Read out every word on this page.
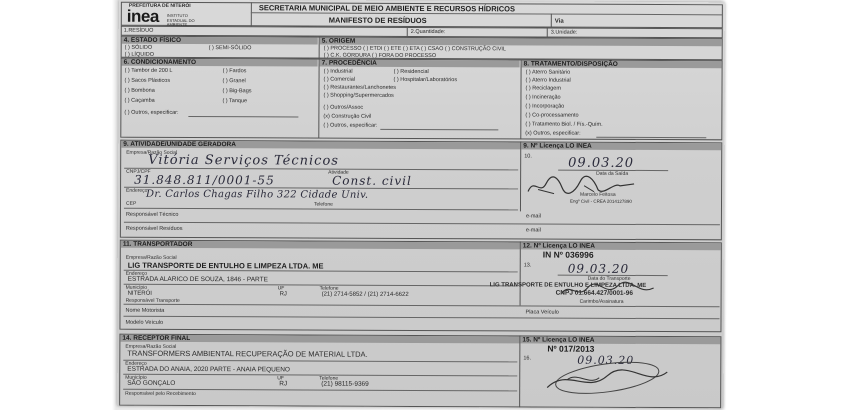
PREFEITURA DE NITERÓI
inea INSTITUTO ESTADUAL DO AMBIENTE
SECRETARIA MUNICIPAL DE MEIO AMBIENTE E RECURSOS HÍDRICOS
MANIFESTO DE RESÍDUOS	Via
1.RESÍDUO	2.Quantidade:	3.Unidade:
4. ESTADO FÍSICO
( ) SÓLIDO	( ) SEMI-SÓLIDO
( ) LÍQUIDO
5. ORIGEM
( ) PROCESSO ( ) ETDI ( ) ETE ( ) ETA ( ) CSAO ( ) CONSTRUÇÃO CIVIL
( ) C.K. GORDURA ( ) FORA DO PROCESSO
6. CONDICIONAMENTO
( ) Tambor de 200 L	( ) Fardos
( ) Sacos Plásticos	( ) Granel
( ) Bombona	( ) Big-Bags
( ) Caçamba	( ) Tanque
( ) Outros, especificar:
7. PROCEDÊNCIA
( ) Industrial	( ) Residencial
( ) Comercial	( ) Hospitalar/Laboratórios
( ) Restaurantes/Lanchonetes
( ) Shopping/Supermercados
( ) Outros/Assoc
(x) Construção Civil
( ) Outros, especificar:
8. TRATAMENTO/DISPOSIÇÃO
( ) Aterro Sanitário
( ) Aterro Industrial
( ) Reciclagem
( ) Incineração
( ) Incorporação
( ) Co-processamento
( ) Tratamento Biol. / Fís.-Quím.
(x) Outros, especificar:
9. ATIVIDADE/UNIDADE GERADORA
Empresa/Razão Social
Vitória Serviços Técnicos
CNPJ/CPF	Atividade
31.848.811/0001-55	Const. civil
Endereço
Dr. Carlos Chagas Filho 322 Cidade Univ.
CEP	Telefone
Responsável Técnico	e-mail
Responsável Resíduos	e-mail
9. Nº Licença LO INEA
10.	09.03.20
Data da Saída
Marcelo Feitosa
Engº Civil - CREA 2014127890
11. TRANSPORTADOR
Empresa/Razão Social
LIG TRANSPORTE DE ENTULHO E LIMPEZA LTDA. ME
Endereço
ESTRADA ALARICO DE SOUZA, 1846 - PARTE
Município
NITERÓI
UF
RJ
Telefone
(21) 2714-5852 / (21) 2714-6622
Responsável Transporte
Nome Motorista	Placa Veículo
Modelo Veículo
12. Nº Licença LO INEA
IN Nº 036996
13.	09.03.20
Data do Transporte
LIG TRANSPORTE DE ENTULHO E LIMPEZA LTDA. ME
CNPJ 01.664.427/0001-96
Carimbo/Assinatura
14. RECEPTOR FINAL
Empresa/Razão Social
TRANSFORMERS AMBIENTAL RECUPERAÇÃO DE MATERIAL LTDA.
Endereço
ESTRADA DO ANAIA, 2020 PARTE - ANAIA PEQUENO
Município
SÃO GONÇALO
UF
RJ
Telefone
(21) 98115-9369
Responsável pelo Recebimento
15. Nº Licença LO INEA
Nº 017/2013
16.	09.03.20
